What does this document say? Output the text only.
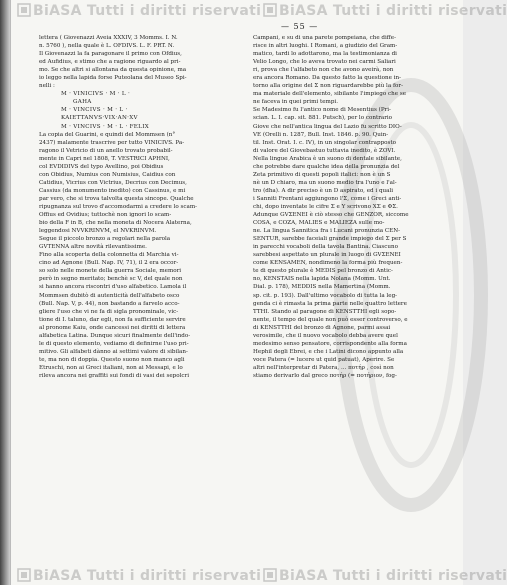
BiASA Tutti i diritti riservati BiASA Tutti i diritti riservati
BiASA Tutti i diritti riservati BiASA Tutti i diritti riservati
— 55 —
lettera ( Giovenazzi Aveia XXXIV, 3 Momms. I. N.
n. 5760 ), nella quale è L. OFDIVS. L. F. PRT. N.
Il Giovenazzi la fa paragonare il primo con Ofdius,
ed Aufidius, e stimo che a ragione riguardo al pri-
mo. Se che altri si allontana da questa opinione, ma
io leggo nella lapida forse Puteolana del Museo Spi-
nelli :
M · VINICIVS · M · L ·
GAHA
M · VINCIVS · M · L ·
KAIETTANVS·VIX·AN·XV
M · VINCIVS · M · L · FELIX
La copia del Guarini, e quindi del Mommsen (n°
2437) malamente trascrive per tutto VINICIVS. Pa-
ragono il Vetricio di un anello trovato probabil-
mente in Capri nel 1808, T. VESTRICI APHNI,
col EVDIDIVS del typo Avellino, poi Obidius
con Obidius, Numius con Numisius, Caidius con
Catidius, Vicrius con Victrius, Decrius con Decimus,
Cassius (da monumento inedito) con Cassinus, e mi
par vero, che si trova talvolta questa sincope. Qualche
ripugnanza sul trovo d'accomodarmi a credere lo scam-
Offius ed Ovidius; tuttochè non ignori lo scam-
bio della F in B, che nella moneta di Nocera Alaterna,
leggendosi NVVKRINVM, el NVKRINVM.
Segue il piccolo bronzo a regolari nella parola
GVTENNA altre novità rilevantissime.
Fino alla scoperta della colonnetta di Marchia vi-
cino ad Agnone (Bull. Nap. IV, 71), il 2 era occor-
so solo nelle monete della guerra Sociale, memori
però in segno meritato; benchè sc V, del quale non
si hanno ancora riscontri d'uso alfabetico. Lamola il
Mommsen dubitò di autenticità dell'alfabeto osco
(Bull. Nap. V, p. 44), non bastando a farvelo acco-
gliere l'uso che vi ne fa di sigla pronominale, vic-
tione di I. taluno, dar egli, non fa sufficiente servire
al pronome Kaiu, onde cancessi nei diritti di lettera
alfabetica Latina. Dunque sicuri finalmente dell'indo-
le di questo elemento, vediamo di definirne l'uso pri-
mitivo. Gli alfabeti dànno ai settimi valore di sibilan-
te, ma non di doppia. Questo suono non manco agli
Etruschi, non ai Greci italiani, non ai Messapi, e lo
rileva ancora nei graffiti sui fondi di vasi dei sepolcri
Campani, e su di una parete pompeiana, che diffe-
risce in altri luoghi. I Romani, a giudizio del Gram-
matico, tardi lo adottarono, ma la testimonianza di
Velio Longo, che lo aveva trovato nei carmi Saliari
ri, prova che l'alfabeto non che avono aveirà, non
era ancora Romano. Da questo fatto la questione in-
torno alla origine del Σ non riguardarebbe più la for-
ma materiale dell'elemento, sibilante l'impiego che se
ne faceva in quei primi tempi.
Se Madesimo fu l'antico nome di Mesentius (Pri-
scian. L. I. cap. sit. 881. Putsch), per lo contrario
Giove che nell'antica lingua del Lazio fu scritto DIO-
VE (Orelli n. 1287, Bull. Inst. 1846. p. 90. Quin-
til. Inst. Orat. I. c. IV), in un singolar contrapposto
di valore del Giovebastuo tuttavia inedito, è ZOVI.
Nella lingue Arabica è un suono di dentale sibilante,
che potrebbe dare qualche idea della pronunzia del
Zeta primitivo di questi popoli italici: non è un S
nè un D chiaro, ma un suono medio tra l'uno e l'al-
tro (dha). A dir preciso è un D aspirato, ed i quali
i Sanniti Frentani aggiungono l'Σ, come i Greci anti-
chi, dopo inventate le cifre Σ e Y scrivono XΣ e ΦΣ.
Adunque GVΣENEI è ciò stesso che GENZOR, siccome
COSA, e COZA, MALIES e MALIEZA sulle mo-
ne. La lingua Sannitica fra i Lucani pronunzia CEN-
SENTUR, sarebbe faceiali grande impiego del Σ per S
in parecchi vocaboli della tavola Bantina. Ciascuno
sarebbesi aspettato un plurale in luogo di GVΣENEI
come KENSAMEN, nondimeno la forma più frequen-
te di questo plurale è MEDIS pel bronzo di Antic-
no, KENSTAIS nella lapida Nolana (Momm. Unt.
Dial. p. 178), MEDDIS nella Mamertina (Momm.
sp. cit. p. 193). Dall'ultimo vocabolo di tutta la leg-
genda ci è rimasta la prima parte nelle quattro lettere
TTHI. Stando al paragone di KENSTTHI egli sopo-
nente, il tempo del quale non può esser controverso, e
di KENSTTHI del bronzo di Agnone, parmi assai
verosimile, che il nuovo vocabolo debba avere quel
medesimo senso pensatore, corrispondente alla forma
Hephil degli Ebrei, e che i Latini dicono appunto alla
voce Patera (= lucere ut quid patuat), Aperire. Se
altri nell'interpretar di Patera, ... ποτήρ , così non
stiamo derivarlo dal greco ποτήρ (= ποτήριον, fog-
